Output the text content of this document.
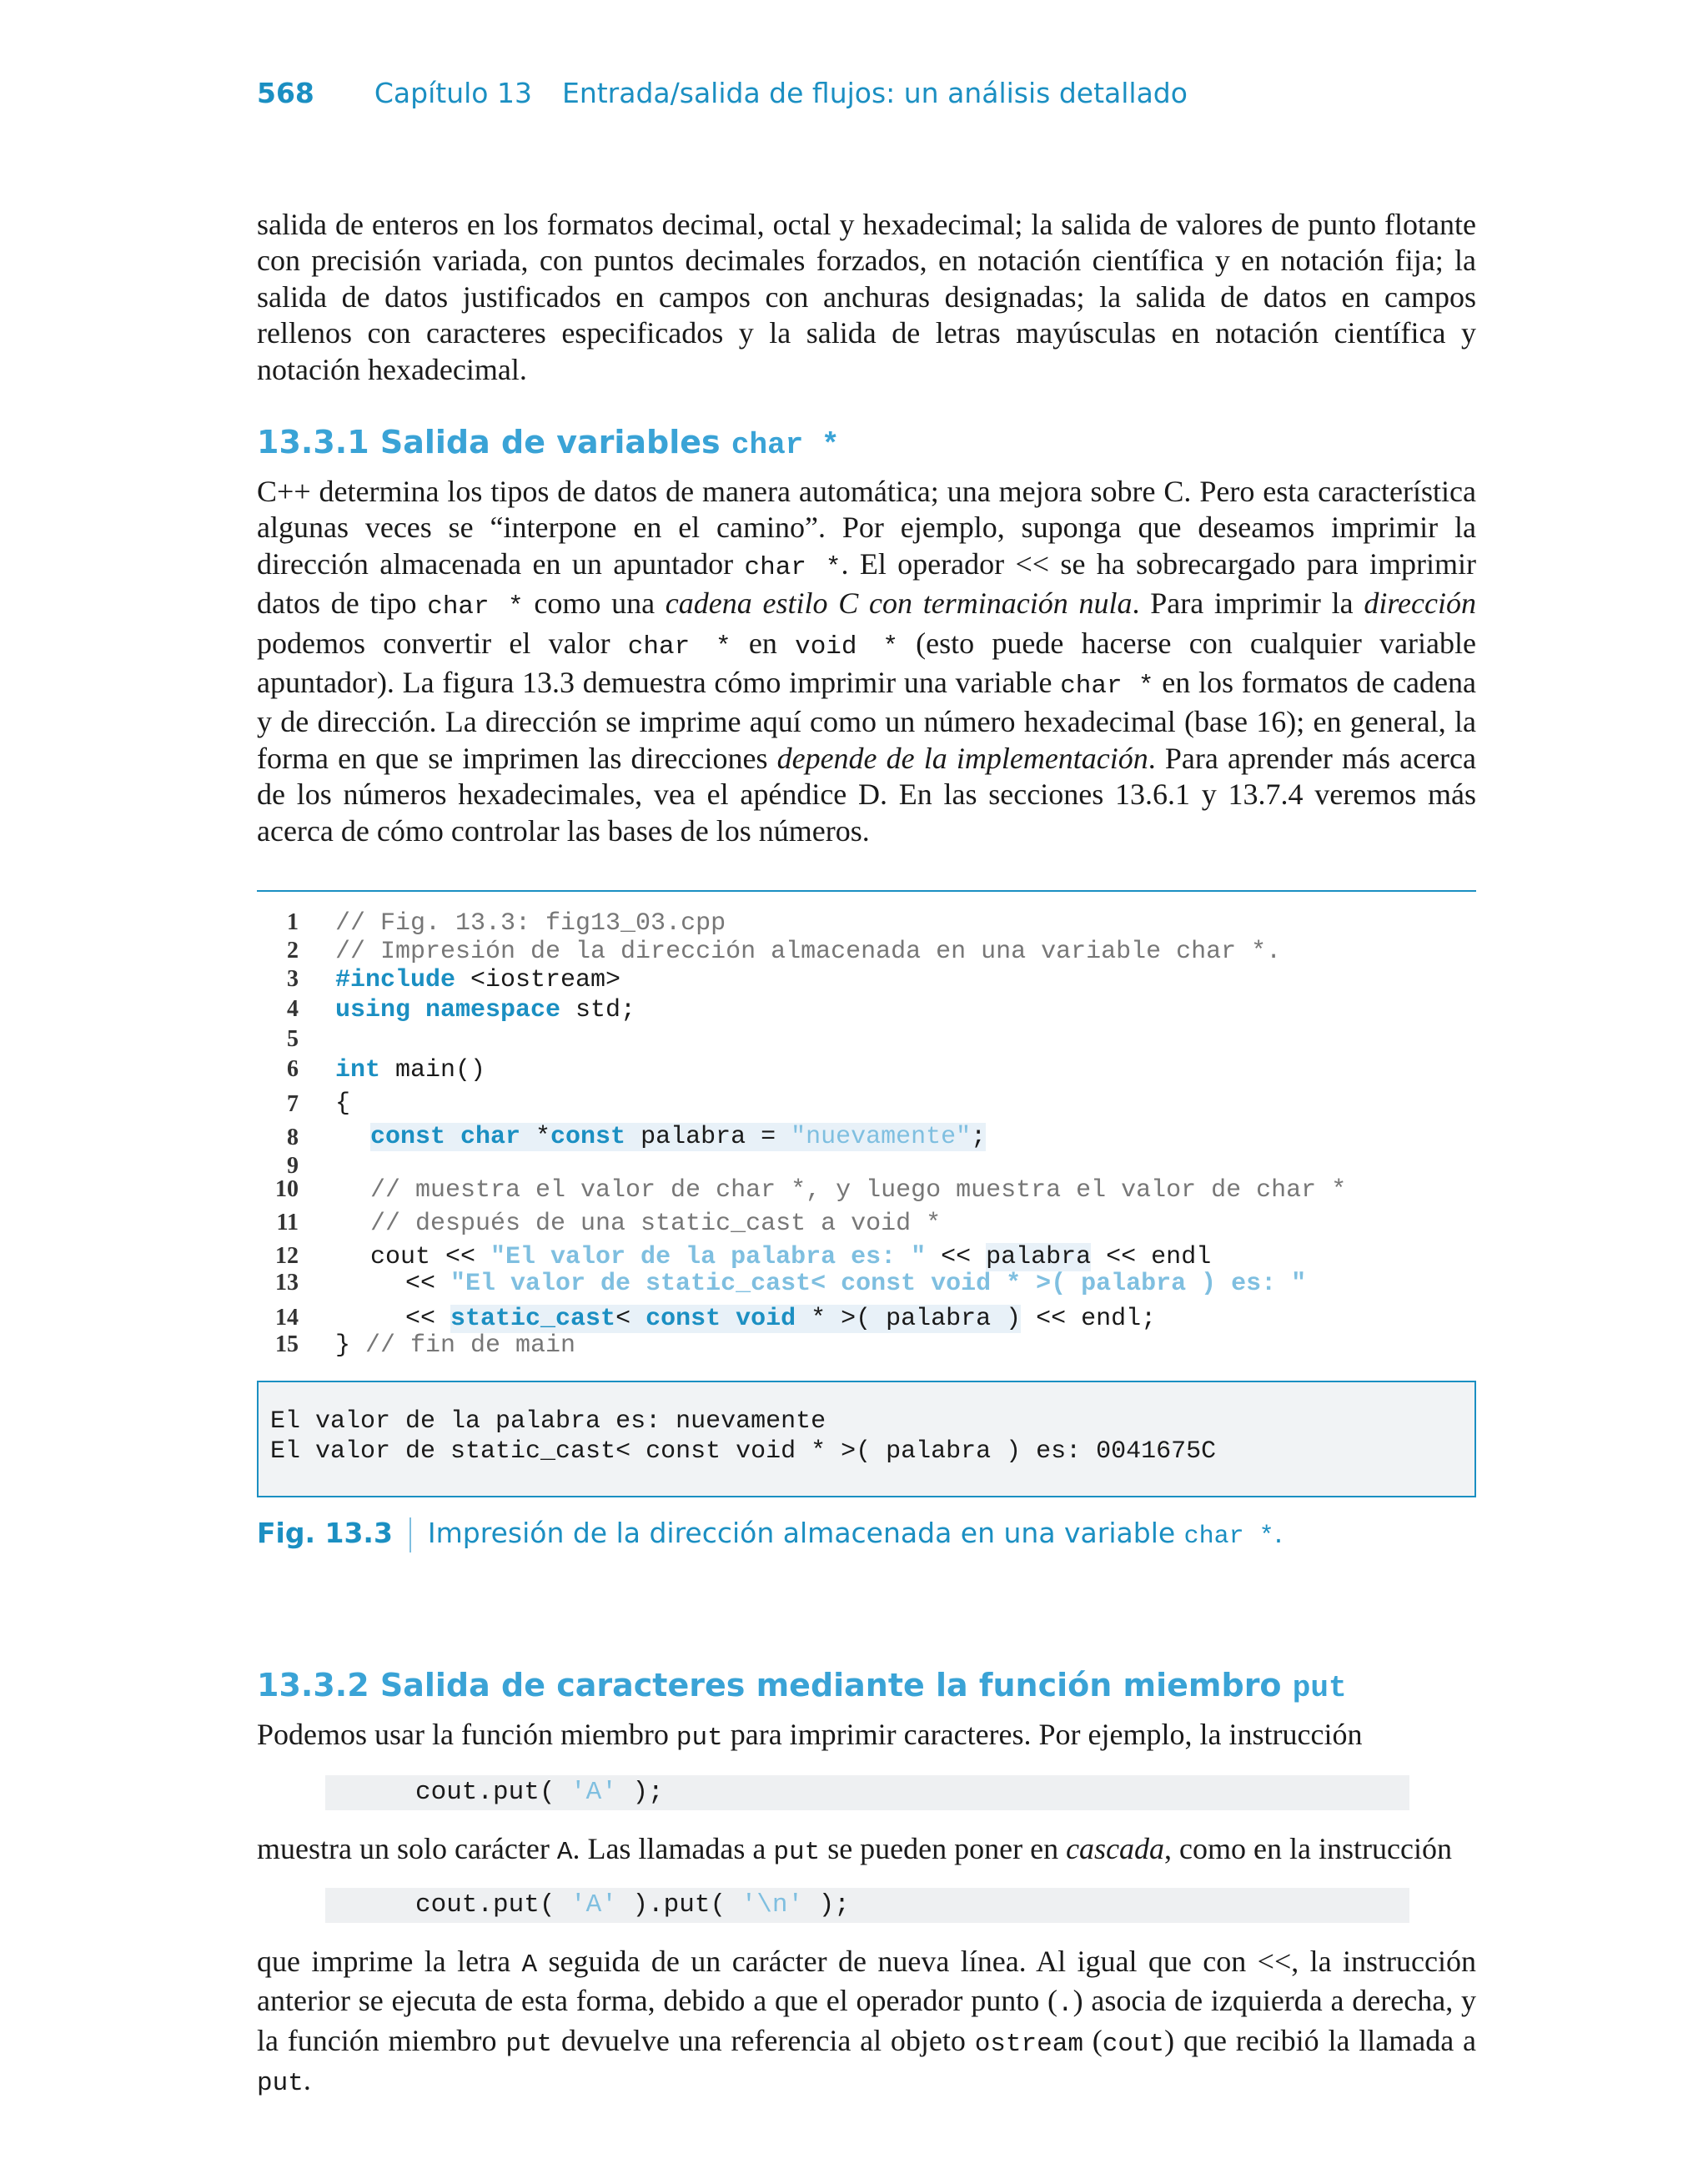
568 Capítulo 13 Entrada/salida de flujos: un análisis detallado

salida de enteros en los formatos decimal, octal y hexadecimal; la salida de valores de punto flotante con precisión variada, con puntos decimales forzados, en notación científica y en notación fija; la salida de datos justificados en campos con anchuras designadas; la salida de datos en campos rellenos con caracteres especificados y la salida de letras mayúsculas en notación científica y notación hexadecimal.

13.3.1 Salida de variables char *

C++ determina los tipos de datos de manera automática; una mejora sobre C. Pero esta característica algunas veces se “interpone en el camino”. Por ejemplo, suponga que deseamos imprimir la dirección almacenada en un apuntador char *. El operador << se ha sobrecargado para imprimir datos de tipo char * como una cadena estilo C con terminación nula. Para imprimir la dirección podemos convertir el valor char * en void * (esto puede hacerse con cualquier variable apuntador). La figura 13.3 demuestra cómo imprimir una variable char * en los formatos de cadena y de dirección. La dirección se imprime aquí como un número hexadecimal (base 16); en general, la forma en que se imprimen las direcciones depende de la implementación. Para aprender más acerca de los números hexadecimales, vea el apéndice D. En las secciones 13.6.1 y 13.7.4 veremos más acerca de cómo controlar las bases de los números.

1
2
3
4
5
6
7
8
9
10
11
12
13
14
15
// Fig. 13.3: fig13_03.cpp
// Impresión de la dirección almacenada en una variable char *.
#include <iostream>
using namespace std;
int main()
{
const char *const palabra = "nuevamente";
// muestra el valor de char *, y luego muestra el valor de char *
// después de una static_cast a void *
cout << "El valor de la palabra es: " << palabra << endl
<< "El valor de static_cast< const void * >( palabra ) es: "
<< static_cast< const void * >( palabra ) << endl;
} // fin de main
El valor de la palabra es: nuevamente
El valor de static_cast< const void * >( palabra ) es: 0041675C
Fig. 13.3 Impresión de la dirección almacenada en una variable char *.
13.3.2 Salida de caracteres mediante la función miembro put

Podemos usar la función miembro put para imprimir caracteres. Por ejemplo, la instrucción

cout.put( 'A' );

muestra un solo carácter A. Las llamadas a put se pueden poner en cascada, como en la instrucción

cout.put( 'A' ).put( '\n' );

que imprime la letra A seguida de un carácter de nueva línea. Al igual que con <<, la instrucción anterior se ejecuta de esta forma, debido a que el operador punto (.) asocia de izquierda a derecha, y la función miembro put devuelve una referencia al objeto ostream (cout) que recibió la llamada a put.
